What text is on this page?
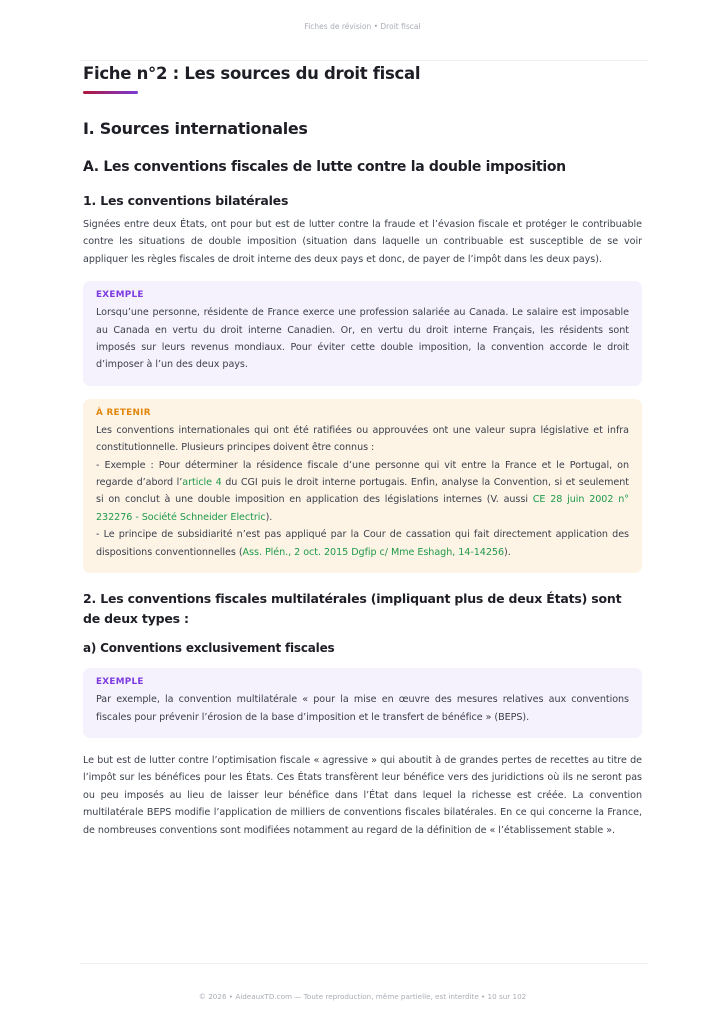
Fiches de révision • Droit fiscal
Fiche n°2 : Les sources du droit fiscal
I. Sources internationales
A. Les conventions fiscales de lutte contre la double imposition
1. Les conventions bilatérales

Signées entre deux États, ont pour but est de lutter contre la fraude et l’évasion fiscale et protéger le contribuable contre les situations de double imposition (situation dans laquelle un contribuable est susceptible de se voir appliquer les règles fiscales de droit interne des deux pays et donc, de payer de l’impôt dans les deux pays).

EXEMPLE

Lorsqu’une personne, résidente de France exerce une profession salariée au Canada. Le salaire est imposable au Canada en vertu du droit interne Canadien. Or, en vertu du droit interne Français, les résidents sont imposés sur leurs revenus mondiaux. Pour éviter cette double imposition, la convention accorde le droit d’imposer à l’un des deux pays.

À RETENIR

Les conventions internationales qui ont été ratifiées ou approuvées ont une valeur supra législative et infra constitutionnelle. Plusieurs principes doivent être connus :

- Exemple : Pour déterminer la résidence fiscale d’une personne qui vit entre la France et le Portugal, on regarde d’abord l’article 4 du CGI puis le droit interne portugais. Enfin, analyse la Convention, si et seulement si on conclut à une double imposition en application des législations internes (V. aussi CE 28 juin 2002 n° 232276 - Société Schneider Electric).

- Le principe de subsidiarité n’est pas appliqué par la Cour de cassation qui fait directement application des dispositions conventionnelles (Ass. Plén., 2 oct. 2015 Dgfip c/ Mme Eshagh, 14-14256).

2. Les conventions fiscales multilatérales (impliquant plus de deux États) sont de deux types :
a) Conventions exclusivement fiscales
EXEMPLE

Par exemple, la convention multilatérale « pour la mise en œuvre des mesures relatives aux conventions fiscales pour prévenir l’érosion de la base d’imposition et le transfert de bénéfice » (BEPS).

Le but est de lutter contre l’optimisation fiscale « agressive » qui aboutit à de grandes pertes de recettes au titre de l’impôt sur les bénéfices pour les États. Ces États transfèrent leur bénéfice vers des juridictions où ils ne seront pas ou peu imposés au lieu de laisser leur bénéfice dans l’État dans lequel la richesse est créée. La convention multilatérale BEPS modifie l’application de milliers de conventions fiscales bilatérales. En ce qui concerne la France, de nombreuses conventions sont modifiées notamment au regard de la définition de « l’établissement stable ».

© 2026 • AideauxTD.com — Toute reproduction, même partielle, est interdite • 10 sur 102
